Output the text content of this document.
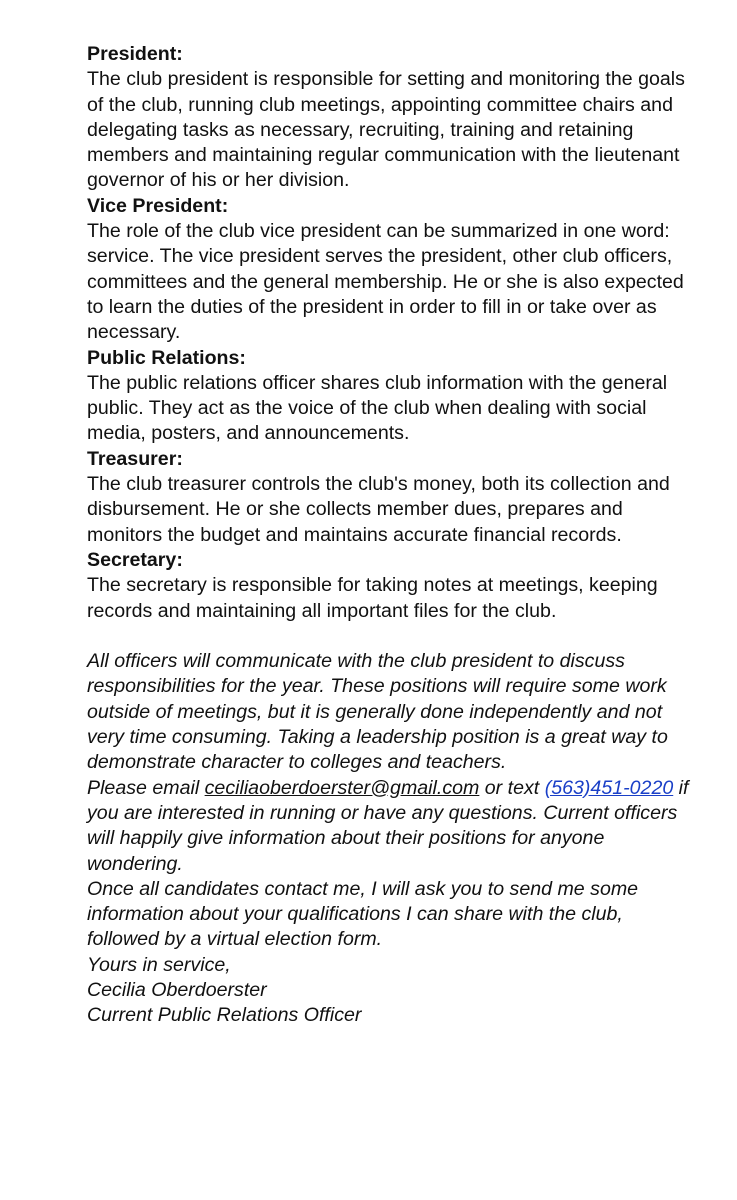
President:

The club president is responsible for setting and monitoring the goals of the club, running club meetings, appointing committee chairs and delegating tasks as necessary, recruiting, training and retaining members and maintaining regular communication with the lieutenant governor of his or her division.

Vice President:

The role of the club vice president can be summarized in one word: service. The vice president serves the president, other club officers, committees and the general membership. He or she is also expected to learn the duties of the president in order to fill in or take over as necessary.

Public Relations:

The public relations officer shares club information with the general public. They act as the voice of the club when dealing with social media, posters, and announcements.

Treasurer:

The club treasurer controls the club's money, both its collection and disbursement. He or she collects member dues, prepares and monitors the budget and maintains accurate financial records.

Secretary:

The secretary is responsible for taking notes at meetings, keeping records and maintaining all important files for the club.

All officers will communicate with the club president to discuss responsibilities for the year. These positions will require some work outside of meetings, but it is generally done independently and not very time consuming. Taking a leadership position is a great way to demonstrate character to colleges and teachers.

Please email ceciliaoberdoerster@gmail.com or text (563)451-0220 if you are interested in running or have any questions. Current officers will happily give information about their positions for anyone wondering.

Once all candidates contact me, I will ask you to send me some information about your qualifications I can share with the club, followed by a virtual election form.

Yours in service,

Cecilia Oberdoerster

Current Public Relations Officer
